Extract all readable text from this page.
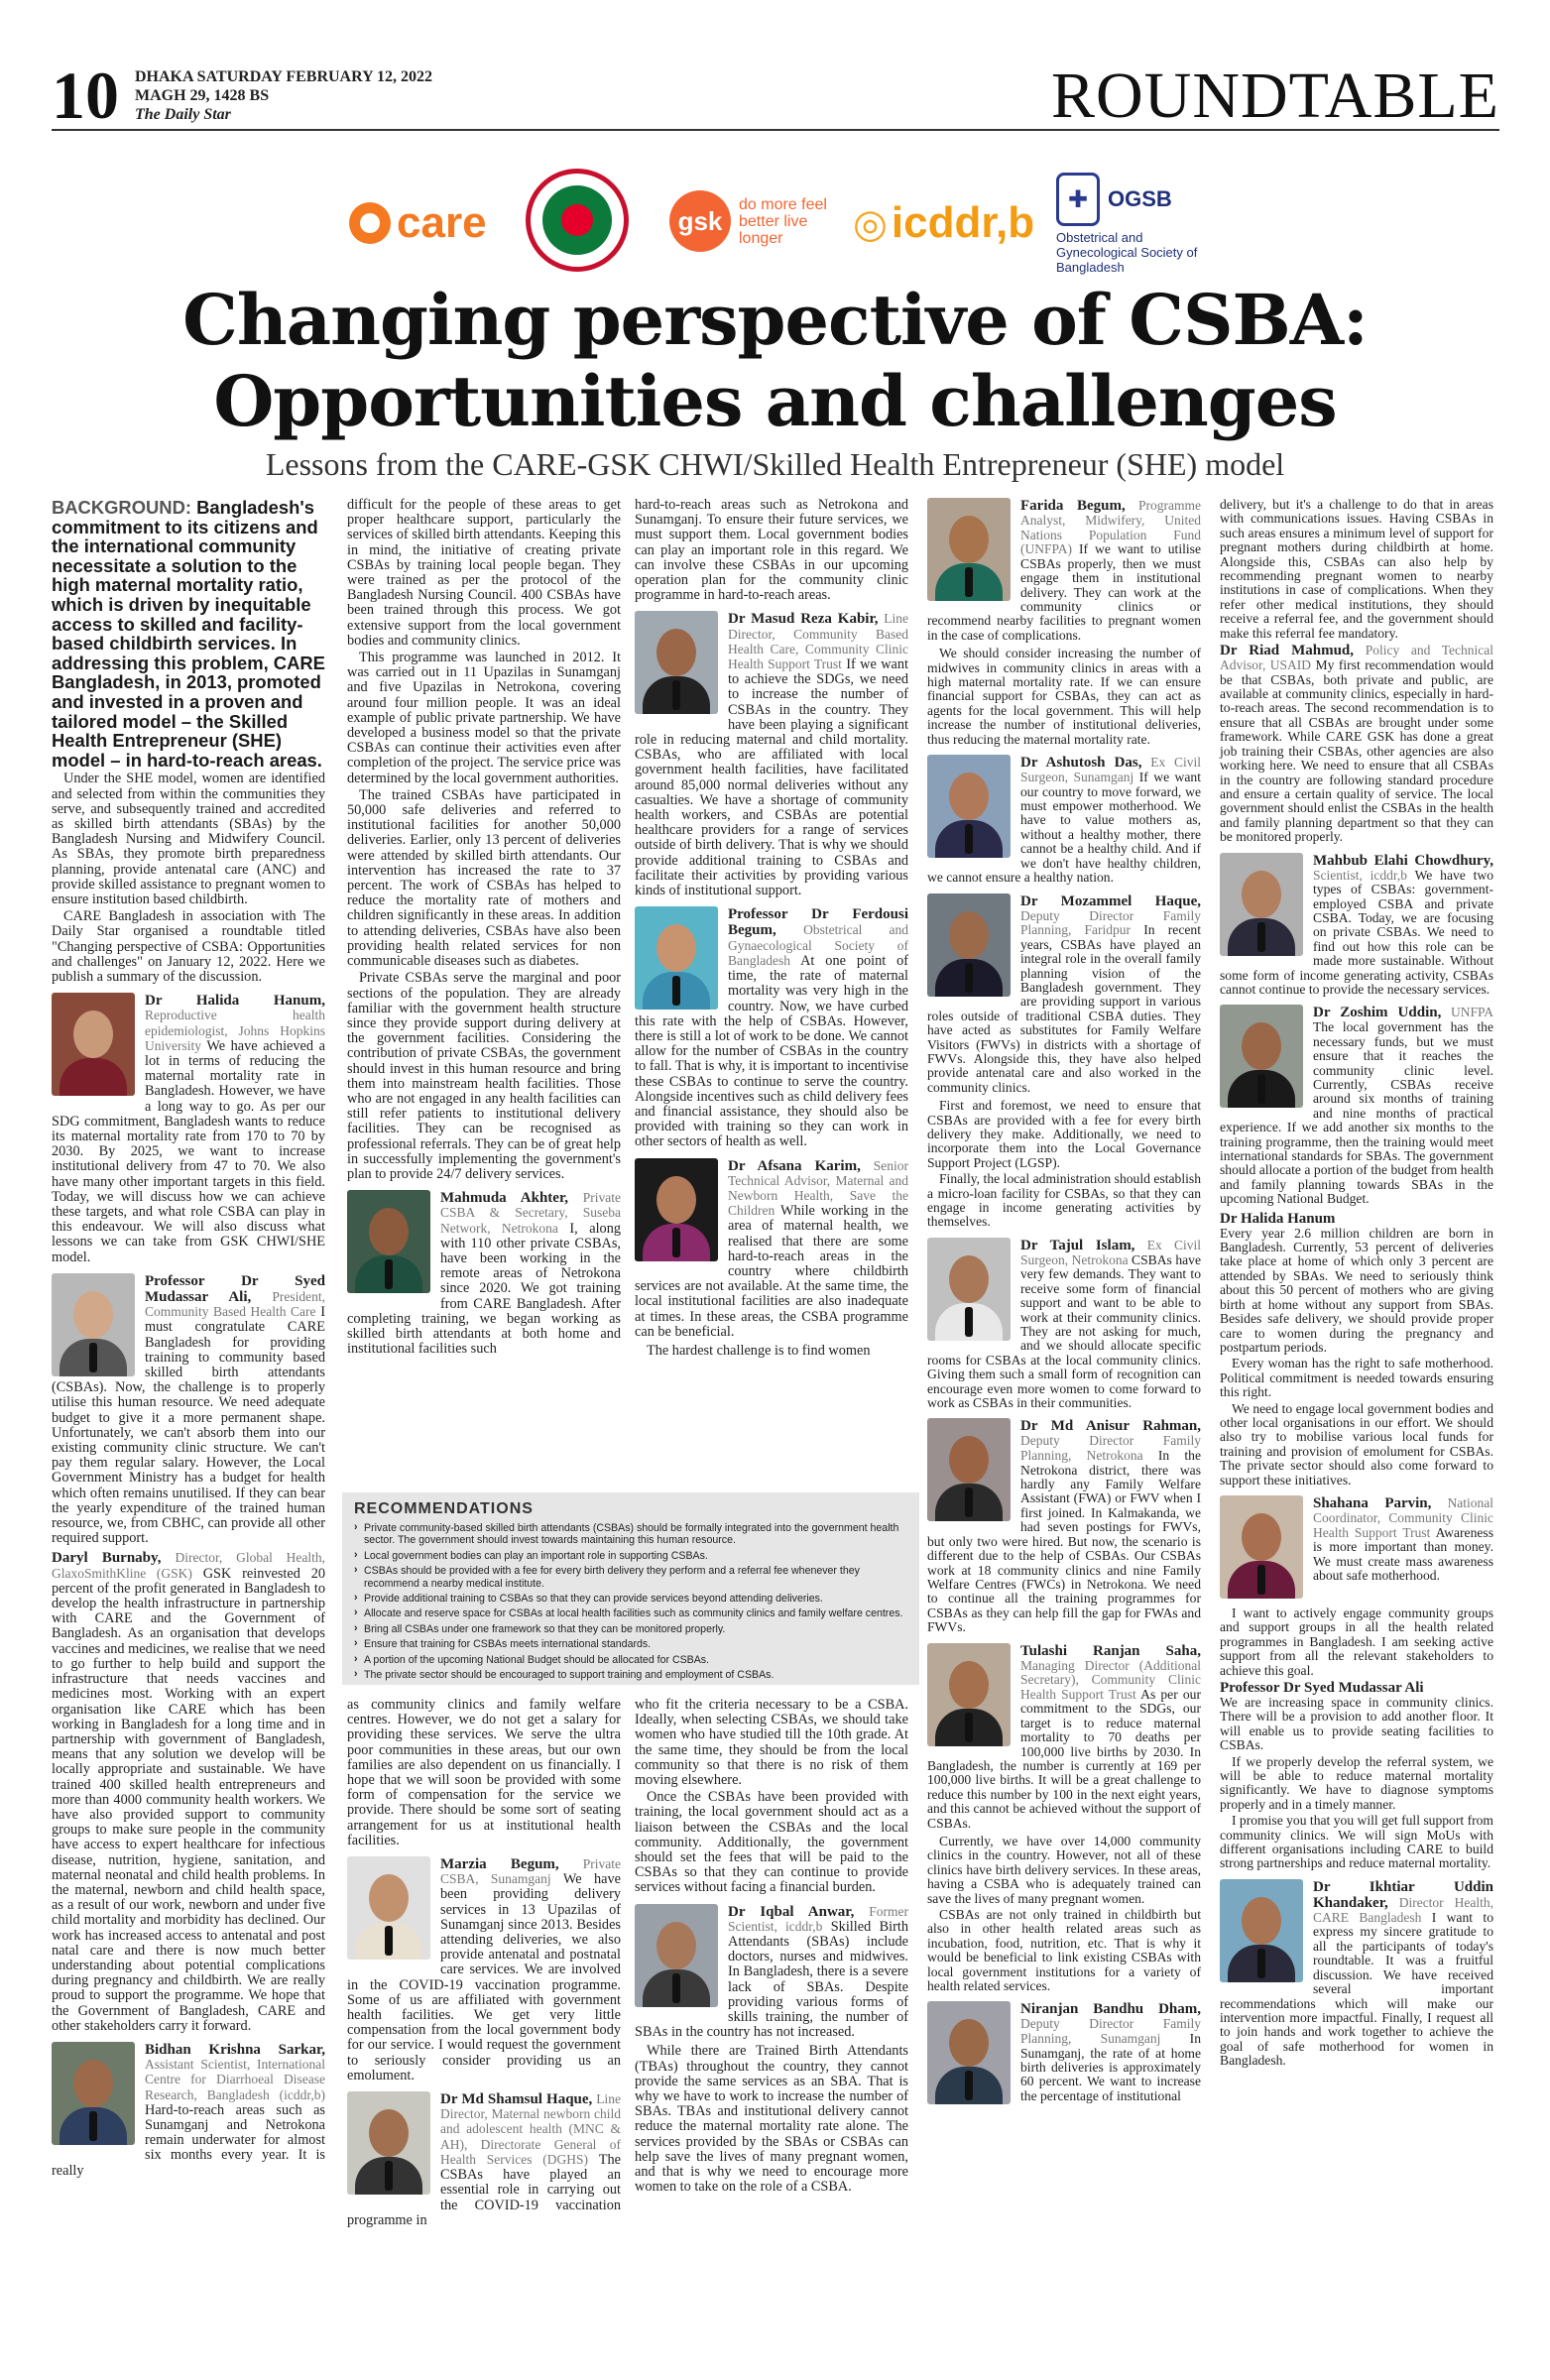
10 DHAKA SATURDAY FEBRUARY 12, 2022
MAGH 29, 1428 BS
The Daily Star	ROUNDTABLE
care	gsk
do more feel better live longer	◎ icddr,b	✚ OGSB
Obstetrical and Gynecological Society of Bangladesh
Changing perspective of CSBA:
Opportunities and challenges
Lessons from the CARE-GSK CHWI/Skilled Health Entrepreneur (SHE) model

BACKGROUND: Bangladesh's commitment to its citizens and the international community necessitate a solution to the high maternal mortality ratio, which is driven by inequitable access to skilled and facility-based childbirth services. In addressing this problem, CARE Bangladesh, in 2013, promoted and invested in a proven and tailored model – the Skilled Health Entrepreneur (SHE) model – in hard-to-reach areas.

Under the SHE model, women are identified and selected from within the communities they serve, and subsequently trained and accredited as skilled birth attendants (SBAs) by the Bangladesh Nursing and Midwifery Council. As SBAs, they promote birth preparedness planning, provide antenatal care (ANC) and provide skilled assistance to pregnant women to ensure institution based childbirth.

CARE Bangladesh in association with The Daily Star organised a roundtable titled "Changing perspective of CSBA: Opportunities and challenges" on January 12, 2022. Here we publish a summary of the discussion.

Dr Halida Hanum, Reproductive health epidemiologist, Johns Hopkins University We have achieved a lot in terms of reducing the maternal mortality rate in Bangladesh. However, we have a long way to go. As per our SDG commitment, Bangladesh wants to reduce its maternal mortality rate from 170 to 70 by 2030. By 2025, we want to increase institutional delivery from 47 to 70. We also have many other important targets in this field. Today, we will discuss how we can achieve these targets, and what role CSBA can play in this endeavour. We will also discuss what lessons we can take from GSK CHWI/SHE model.
Professor Dr Syed Mudassar Ali, President, Community Based Health Care I must congratulate CARE Bangladesh for providing training to community based skilled birth attendants (CSBAs). Now, the challenge is to properly utilise this human resource. We need adequate budget to give it a more permanent shape. Unfortunately, we can't absorb them into our existing community clinic structure. We can't pay them regular salary. However, the Local Government Ministry has a budget for health which often remains unutilised. If they can bear the yearly expenditure of the trained human resource, we, from CBHC, can provide all other required support.

Daryl Burnaby, Director, Global Health, GlaxoSmithKline (GSK) GSK reinvested 20 percent of the profit generated in Bangladesh to develop the health infrastructure in partnership with CARE and the Government of Bangladesh. As an organisation that develops vaccines and medicines, we realise that we need to go further to help build and support the infrastructure that needs vaccines and medicines most. Working with an expert organisation like CARE which has been working in Bangladesh for a long time and in partnership with government of Bangladesh, means that any solution we develop will be locally appropriate and sustainable. We have trained 400 skilled health entrepreneurs and more than 4000 community health workers. We have also provided support to community groups to make sure people in the community have access to expert healthcare for infectious disease, nutrition, hygiene, sanitation, and maternal neonatal and child health problems. In the maternal, newborn and child health space, as a result of our work, newborn and under five child mortality and morbidity has declined. Our work has increased access to antenatal and post natal care and there is now much better understanding about potential complications during pregnancy and childbirth. We are really proud to support the programme. We hope that the Government of Bangladesh, CARE and other stakeholders carry it forward.

Bidhan Krishna Sarkar, Assistant Scientist, International Centre for Diarrhoeal Disease Research, Bangladesh (icddr,b) Hard-to-reach areas such as Sunamganj and Netrokona remain underwater for almost six months every year. It is really

difficult for the people of these areas to get proper healthcare support, particularly the services of skilled birth attendants. Keeping this in mind, the initiative of creating private CSBAs by training local people began. They were trained as per the protocol of the Bangladesh Nursing Council. 400 CSBAs have been trained through this process. We got extensive support from the local government bodies and community clinics.

This programme was launched in 2012. It was carried out in 11 Upazilas in Sunamganj and five Upazilas in Netrokona, covering around four million people. It was an ideal example of public private partnership. We have developed a business model so that the private CSBAs can continue their activities even after completion of the project. The service price was determined by the local government authorities.

The trained CSBAs have participated in 50,000 safe deliveries and referred to institutional facilities for another 50,000 deliveries. Earlier, only 13 percent of deliveries were attended by skilled birth attendants. Our intervention has increased the rate to 37 percent. The work of CSBAs has helped to reduce the mortality rate of mothers and children significantly in these areas. In addition to attending deliveries, CSBAs have also been providing health related services for non communicable diseases such as diabetes.

Private CSBAs serve the marginal and poor sections of the population. They are already familiar with the government health structure since they provide support during delivery at the government facilities. Considering the contribution of private CSBAs, the government should invest in this human resource and bring them into mainstream health facilities. Those who are not engaged in any health facilities can still refer patients to institutional delivery facilities. They can be recognised as professional referrals. They can be of great help in successfully implementing the government's plan to provide 24/7 delivery services.

Mahmuda Akhter, Private CSBA & Secretary, Suseba Network, Netrokona I, along with 110 other private CSBAs, have been working in the remote areas of Netrokona since 2020. We got training from CARE Bangladesh. After completing training, we began working as skilled birth attendants at both home and institutional facilities such

hard-to-reach areas such as Netrokona and Sunamganj. To ensure their future services, we must support them. Local government bodies can play an important role in this regard. We can involve these CSBAs in our upcoming operation plan for the community clinic programme in hard-to-reach areas.

Dr Masud Reza Kabir, Line Director, Community Based Health Care, Community Clinic Health Support Trust If we want to achieve the SDGs, we need to increase the number of CSBAs in the country. They have been playing a significant role in reducing maternal and child mortality. CSBAs, who are affiliated with local government health facilities, have facilitated around 85,000 normal deliveries without any casualties. We have a shortage of community health workers, and CSBAs are potential healthcare providers for a range of services outside of birth delivery. That is why we should provide additional training to CSBAs and facilitate their activities by providing various kinds of institutional support.
Professor Dr Ferdousi Begum, Obstetrical and Gynaecological Society of Bangladesh At one point of time, the rate of maternal mortality was very high in the country. Now, we have curbed this rate with the help of CSBAs. However, there is still a lot of work to be done. We cannot allow for the number of CSBAs in the country to fall. That is why, it is important to incentivise these CSBAs to continue to serve the country. Alongside incentives such as child delivery fees and financial assistance, they should also be provided with training so they can work in other sectors of health as well.
Dr Afsana Karim, Senior Technical Advisor, Maternal and Newborn Health, Save the Children While working in the area of maternal health, we realised that there are some hard-to-reach areas in the country where childbirth services are not available. At the same time, the local institutional facilities are also inadequate at times. In these areas, the CSBA programme can be beneficial.

The hardest challenge is to find women

RECOMMENDATIONS
› Private community-based skilled birth attendants (CSBAs) should be formally integrated into the government health sector. The government should invest towards maintaining this human resource.
› Local government bodies can play an important role in supporting CSBAs.
› CSBAs should be provided with a fee for every birth delivery they perform and a referral fee whenever they recommend a nearby medical institute.
› Provide additional training to CSBAs so that they can provide services beyond attending deliveries.
› Allocate and reserve space for CSBAs at local health facilities such as community clinics and family welfare centres.
› Bring all CSBAs under one framework so that they can be monitored properly.
› Ensure that training for CSBAs meets international standards.
› A portion of the upcoming National Budget should be allocated for CSBAs.
› The private sector should be encouraged to support training and employment of CSBAs.

as community clinics and family welfare centres. However, we do not get a salary for providing these services. We serve the ultra poor communities in these areas, but our own families are also dependent on us financially. I hope that we will soon be provided with some form of compensation for the service we provide. There should be some sort of seating arrangement for us at institutional health facilities.

Marzia Begum, Private CSBA, Sunamganj We have been providing delivery services in 13 Upazilas of Sunamganj since 2013. Besides attending deliveries, we also provide antenatal and postnatal care services. We are involved in the COVID-19 vaccination programme. Some of us are affiliated with government health facilities. We get very little compensation from the local government body for our service. I would request the government to seriously consider providing us an emolument.
Dr Md Shamsul Haque, Line Director, Maternal newborn child and adolescent health (MNC & AH), Directorate General of Health Services (DGHS) The CSBAs have played an essential role in carrying out the COVID-19 vaccination programme in

who fit the criteria necessary to be a CSBA. Ideally, when selecting CSBAs, we should take women who have studied till the 10th grade. At the same time, they should be from the local community so that there is no risk of them moving elsewhere.

Once the CSBAs have been provided with training, the local government should act as a liaison between the CSBAs and the local community. Additionally, the government should set the fees that will be paid to the CSBAs so that they can continue to provide services without facing a financial burden.

Dr Iqbal Anwar, Former Scientist, icddr,b Skilled Birth Attendants (SBAs) include doctors, nurses and midwives. In Bangladesh, there is a severe lack of SBAs. Despite providing various forms of skills training, the number of SBAs in the country has not increased.

While there are Trained Birth Attendants (TBAs) throughout the country, they cannot provide the same services as an SBA. That is why we have to work to increase the number of SBAs. TBAs and institutional delivery cannot reduce the maternal mortality rate alone. The services provided by the SBAs or CSBAs can help save the lives of many pregnant women, and that is why we need to encourage more women to take on the role of a CSBA.

Farida Begum, Programme Analyst, Midwifery, United Nations Population Fund (UNFPA) If we want to utilise CSBAs properly, then we must engage them in institutional delivery. They can work at the community clinics or recommend nearby facilities to pregnant women in the case of complications.

We should consider increasing the number of midwives in community clinics in areas with a high maternal mortality rate. If we can ensure financial support for CSBAs, they can act as agents for the local government. This will help increase the number of institutional deliveries, thus reducing the maternal mortality rate.

Dr Ashutosh Das, Ex Civil Surgeon, Sunamganj If we want our country to move forward, we must empower motherhood. We have to value mothers as, without a healthy mother, there cannot be a healthy child. And if we don't have healthy children, we cannot ensure a healthy nation.
Dr Mozammel Haque, Deputy Director Family Planning, Faridpur In recent years, CSBAs have played an integral role in the overall family planning vision of the Bangladesh government. They are providing support in various roles outside of traditional CSBA duties. They have acted as substitutes for Family Welfare Visitors (FWVs) in districts with a shortage of FWVs. Alongside this, they have also helped provide antenatal care and also worked in the community clinics.

First and foremost, we need to ensure that CSBAs are provided with a fee for every birth delivery they make. Additionally, we need to incorporate them into the Local Governance Support Project (LGSP).

Finally, the local administration should establish a micro-loan facility for CSBAs, so that they can engage in income generating activities by themselves.

Dr Tajul Islam, Ex Civil Surgeon, Netrokona CSBAs have very few demands. They want to receive some form of financial support and want to be able to work at their community clinics. They are not asking for much, and we should allocate specific rooms for CSBAs at the local community clinics. Giving them such a small form of recognition can encourage even more women to come forward to work as CSBAs in their communities.
Dr Md Anisur Rahman, Deputy Director Family Planning, Netrokona In the Netrokona district, there was hardly any Family Welfare Assistant (FWA) or FWV when I first joined. In Kalmakanda, we had seven postings for FWVs, but only two were hired. But now, the scenario is different due to the help of CSBAs. Our CSBAs work at 18 community clinics and nine Family Welfare Centres (FWCs) in Netrokona. We need to continue all the training programmes for CSBAs as they can help fill the gap for FWAs and FWVs.
Tulashi Ranjan Saha, Managing Director (Additional Secretary), Community Clinic Health Support Trust As per our commitment to the SDGs, our target is to reduce maternal mortality to 70 deaths per 100,000 live births by 2030. In Bangladesh, the number is currently at 169 per 100,000 live births. It will be a great challenge to reduce this number by 100 in the next eight years, and this cannot be achieved without the support of CSBAs.

Currently, we have over 14,000 community clinics in the country. However, not all of these clinics have birth delivery services. In these areas, having a CSBA who is adequately trained can save the lives of many pregnant women.

CSBAs are not only trained in childbirth but also in other health related areas such as incubation, food, nutrition, etc. That is why it would be beneficial to link existing CSBAs with local government institutions for a variety of health related services.

Niranjan Bandhu Dham, Deputy Director Family Planning, Sunamganj In Sunamganj, the rate of at home birth deliveries is approximately 60 percent. We want to increase the percentage of institutional

delivery, but it's a challenge to do that in areas with communications issues. Having CSBAs in such areas ensures a minimum level of support for pregnant mothers during childbirth at home. Alongside this, CSBAs can also help by recommending pregnant women to nearby institutions in case of complications. When they refer other medical institutions, they should receive a referral fee, and the government should make this referral fee mandatory.

Dr Riad Mahmud, Policy and Technical Advisor, USAID My first recommendation would be that CSBAs, both private and public, are available at community clinics, especially in hard-to-reach areas. The second recommendation is to ensure that all CSBAs are brought under some framework. While CARE GSK has done a great job training their CSBAs, other agencies are also working here. We need to ensure that all CSBAs in the country are following standard procedure and ensure a certain quality of service. The local government should enlist the CSBAs in the health and family planning department so that they can be monitored properly.

Mahbub Elahi Chowdhury, Scientist, icddr,b We have two types of CSBAs: government-employed CSBA and private CSBA. Today, we are focusing on private CSBAs. We need to find out how this role can be made more sustainable. Without some form of income generating activity, CSBAs cannot continue to provide the necessary services.
Dr Zoshim Uddin, UNFPA The local government has the necessary funds, but we must ensure that it reaches the community clinic level. Currently, CSBAs receive around six months of training and nine months of practical experience. If we add another six months to the training programme, then the training would meet international standards for SBAs. The government should allocate a portion of the budget from health and family planning towards SBAs in the upcoming National Budget.

Dr Halida Hanum
Every year 2.6 million children are born in Bangladesh. Currently, 53 percent of deliveries take place at home of which only 3 percent are attended by SBAs. We need to seriously think about this 50 percent of mothers who are giving birth at home without any support from SBAs. Besides safe delivery, we should provide proper care to women during the pregnancy and postpartum periods.

Every woman has the right to safe motherhood. Political commitment is needed towards ensuring this right.

We need to engage local government bodies and other local organisations in our effort. We should also try to mobilise various local funds for training and provision of emolument for CSBAs. The private sector should also come forward to support these initiatives.

Shahana Parvin, National Coordinator, Community Clinic Health Support Trust Awareness is more important than money. We must create mass awareness about safe motherhood.

I want to actively engage community groups and support groups in all the health related programmes in Bangladesh. I am seeking active support from all the relevant stakeholders to achieve this goal.

Professor Dr Syed Mudassar Ali
We are increasing space in community clinics. There will be a provision to add another floor. It will enable us to provide seating facilities to CSBAs.

If we properly develop the referral system, we will be able to reduce maternal mortality significantly. We have to diagnose symptoms properly and in a timely manner.

I promise you that you will get full support from community clinics. We will sign MoUs with different organisations including CARE to build strong partnerships and reduce maternal mortality.

Dr Ikhtiar Uddin Khandaker, Director Health, CARE Bangladesh I want to express my sincere gratitude to all the participants of today's roundtable. It was a fruitful discussion. We have received several important recommendations which will make our intervention more impactful. Finally, I request all to join hands and work together to achieve the goal of safe motherhood for women in Bangladesh.
